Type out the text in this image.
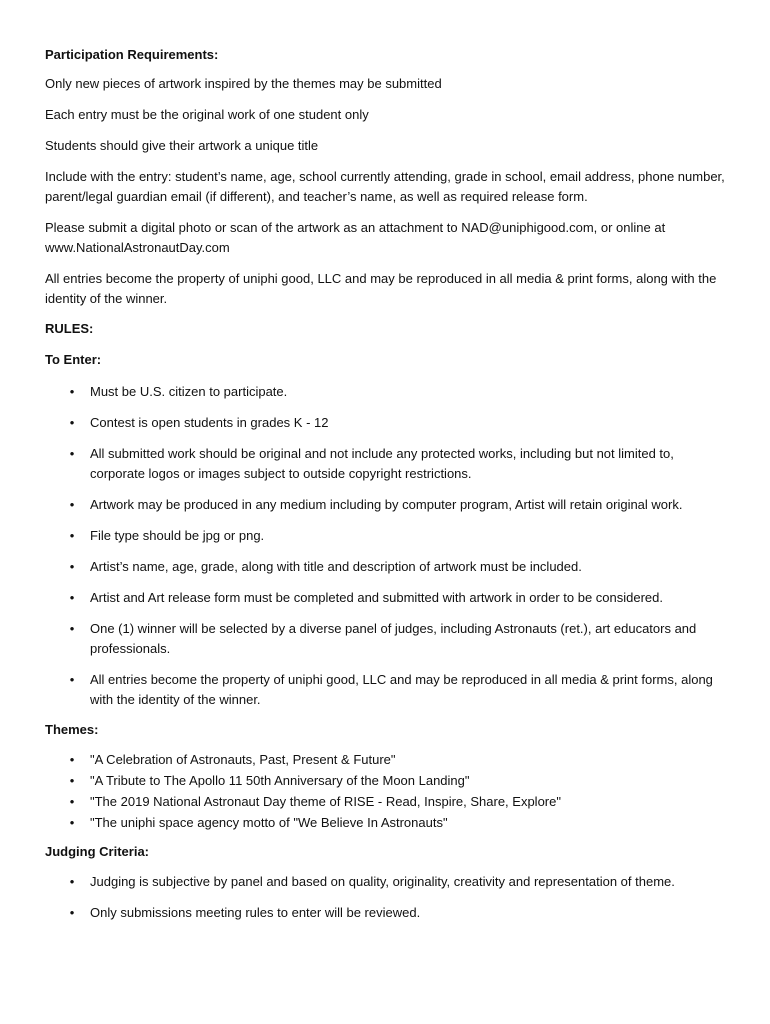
Participation Requirements:

Only new pieces of artwork inspired by the themes may be submitted

Each entry must be the original work of one student only

Students should give their artwork a unique title

Include with the entry: student’s name, age, school currently attending, grade in school, email address, phone number, parent/legal guardian email (if different), and teacher’s name, as well as required release form.

Please submit a digital photo or scan of the artwork as an attachment to NAD@uniphigood.com, or online at www.NationalAstronautDay.com

All entries become the property of uniphi good, LLC and may be reproduced in all media & print forms, along with the identity of the winner.

RULES:

To Enter:

• Must be U.S. citizen to participate.
• Contest is open students in grades K - 12
• All submitted work should be original and not include any protected works, including but not limited to, corporate logos or images subject to outside copyright restrictions.
• Artwork may be produced in any medium including by computer program, Artist will retain original work.
• File type should be jpg or png.
• Artist’s name, age, grade, along with title and description of artwork must be included.
• Artist and Art release form must be completed and submitted with artwork in order to be considered.
• One (1) winner will be selected by a diverse panel of judges, including Astronauts (ret.), art educators and professionals.
• All entries become the property of uniphi good, LLC and may be reproduced in all media & print forms, along with the identity of the winner.

Themes:

• "A Celebration of Astronauts, Past, Present & Future"
• "A Tribute to The Apollo 11 50th Anniversary of the Moon Landing"
• "The 2019 National Astronaut Day theme of RISE - Read, Inspire, Share, Explore"
• "The uniphi space agency motto of "We Believe In Astronauts"

Judging Criteria:

• Judging is subjective by panel and based on quality, originality, creativity and representation of theme.
• Only submissions meeting rules to enter will be reviewed.
